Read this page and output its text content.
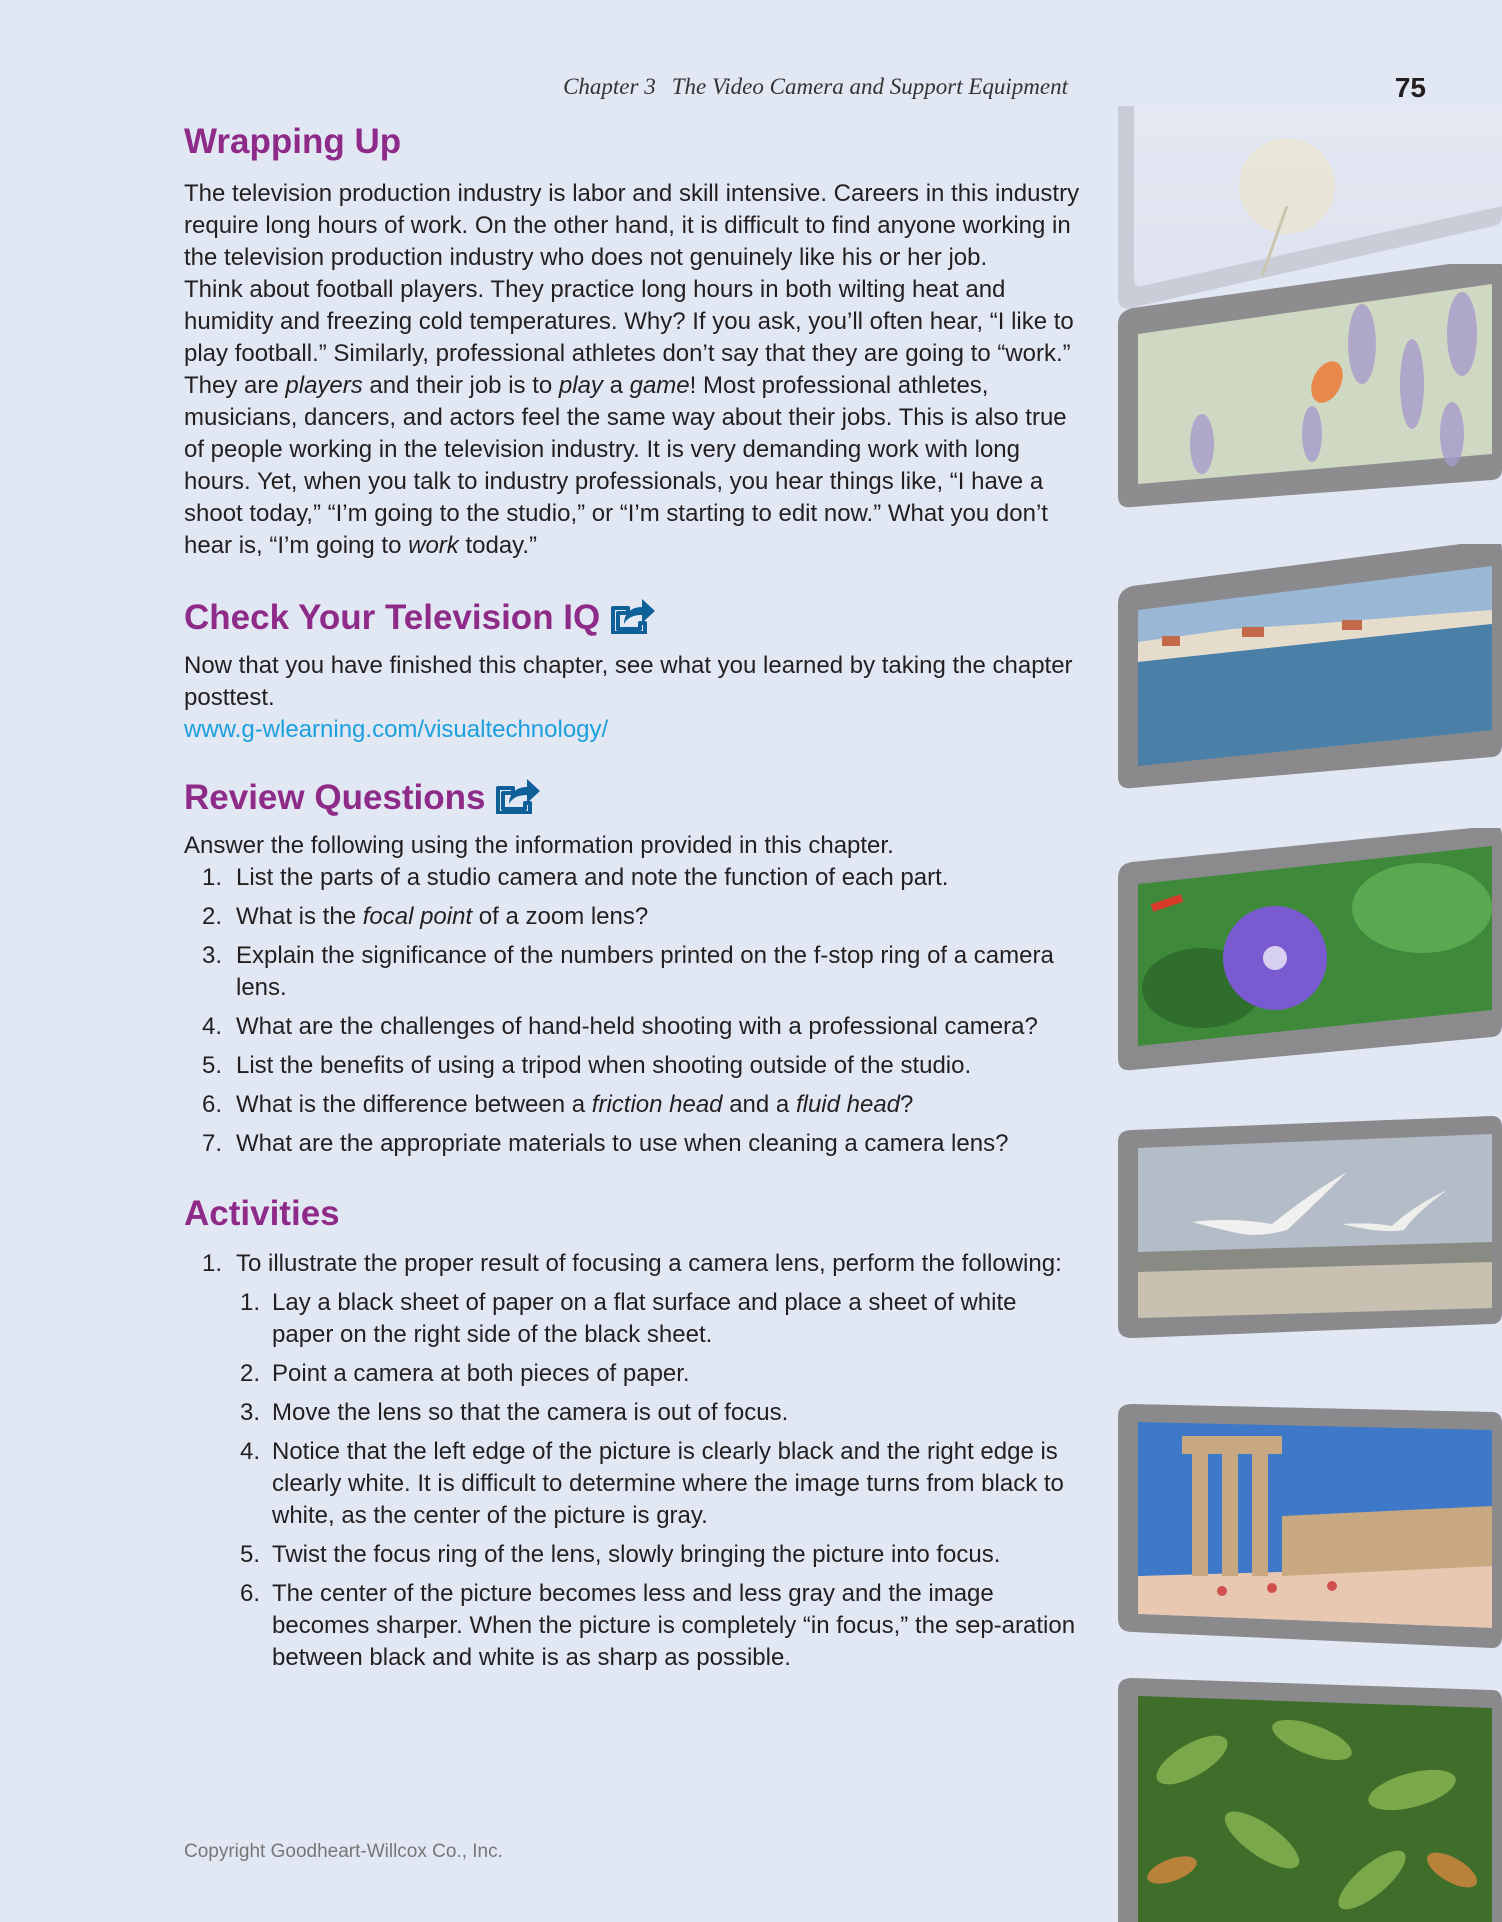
Chapter 3 The Video Camera and Support Equipment	75
Wrapping Up

The television production industry is labor and skill intensive. Careers in this industry require long hours of work. On the other hand, it is difficult to find anyone working in the television production industry who does not genuinely like his or her job.

Think about football players. They practice long hours in both wilting heat and humidity and freezing cold temperatures. Why? If you ask, you’ll often hear, “I like to play football.” Similarly, professional athletes don’t say that they are going to “work.” They are players and their job is to play a game! Most professional athletes, musicians, dancers, and actors feel the same way about their jobs. This is also true of people working in the television industry. It is very demanding work with long hours. Yet, when you talk to industry professionals, you hear things like, “I have a shoot today,” “I’m going to the studio,” or “I’m starting to edit now.” What you don’t hear is, “I’m going to work today.”

Check Your Television IQ

Now that you have finished this chapter, see what you learned by taking the chapter posttest.

www.g-wlearning.com/visualtechnology/
Review Questions

Answer the following using the information provided in this chapter.

1. List the parts of a studio camera and note the function of each part.
2. What is the focal point of a zoom lens?
3. Explain the significance of the numbers printed on the f-stop ring of a camera lens.
4. What are the challenges of hand-held shooting with a professional camera?
5. List the benefits of using a tripod when shooting outside of the studio.
6. What is the difference between a friction head and a fluid head?
7. What are the appropriate materials to use when cleaning a camera lens?
Activities
1. To illustrate the proper result of focusing a camera lens, perform the following:
1. Lay a black sheet of paper on a flat surface and place a sheet of white paper on the right side of the black sheet.
2. Point a camera at both pieces of paper.
3. Move the lens so that the camera is out of focus.
4. Notice that the left edge of the picture is clearly black and the right edge is clearly white. It is difficult to determine where the image turns from black to white, as the center of the picture is gray.
5. Twist the focus ring of the lens, slowly bringing the picture into focus.
6. The center of the picture becomes less and less gray and the image becomes sharper. When the picture is completely “in focus,” the sep-aration between black and white is as sharp as possible.
Copyright Goodheart-Willcox Co., Inc.
